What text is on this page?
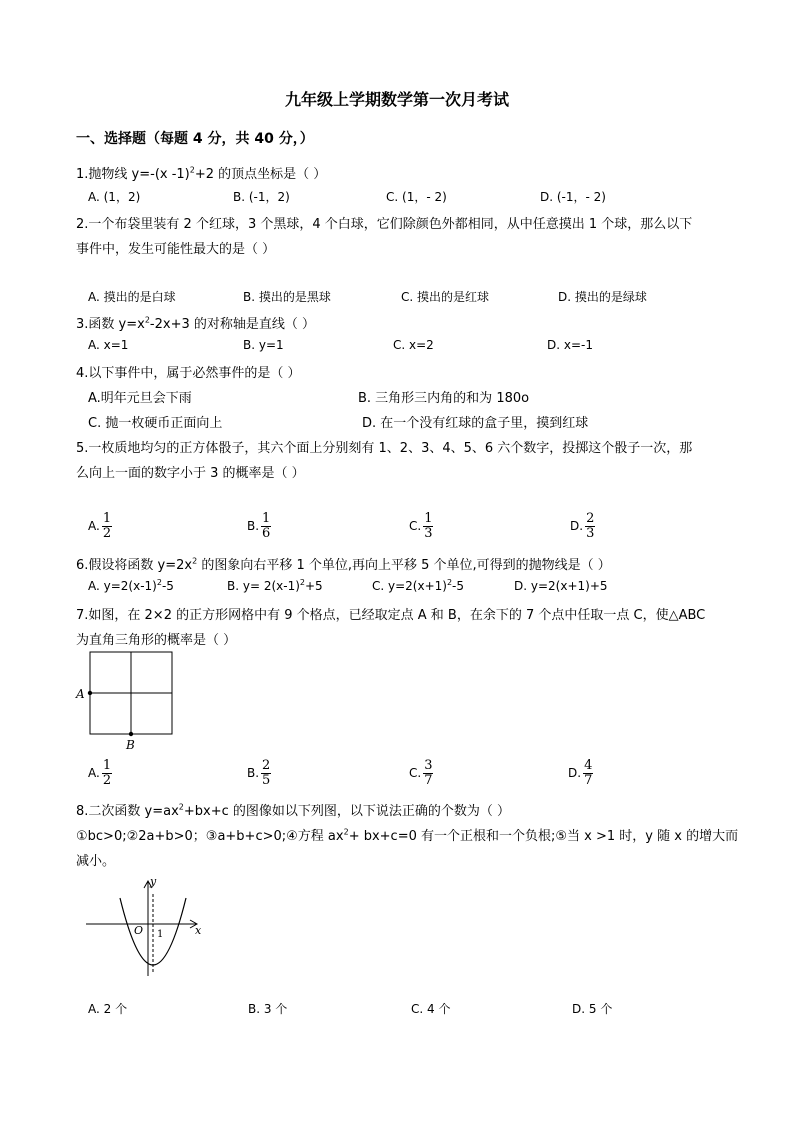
九年级上学期数学第一次月考试
一、选择题（每题 4 分，共 40 分，）
1.抛物线 y=-(x -1)$^2$+2 的顶点坐标是（ ）
A. (1，2)	B. (-1，2)	C. (1，- 2)	D. (-1，- 2)
2.一个布袋里装有 2 个红球，3 个黑球，4 个白球，它们除颜色外都相同，从中任意摸出 1 个球，那么以下
事件中，发生可能性最大的是（ ）
A. 摸出的是白球	B. 摸出的是黑球	C. 摸出的是红球	D. 摸出的是绿球
3.函数 $y=x^2-2x+3$ 的对称轴是直线（ ）
A. x=1	B. y=1	C. x=2	D. x=-1
4.以下事件中，属于必然事件的是（ ）
A.明年元旦会下雨	B. 三角形三内角的和为 180o
C. 抛一枚硬币正面向上	D. 在一个没有红球的盒子里，摸到红球
5.一枚质地均匀的正方体骰子，其六个面上分别刻有 1、2、3、4、5、6 六个数字，投掷这个骰子一次，那
么向上一面的数字小于 3 的概率是（ ）
A. $\frac{1}{2}$	B. $\frac{1}{6}$	C. $\frac{1}{3}$	D. $\frac{2}{3}$
6.假设将函数 $y=2x^2$ 的图象向右平移 1 个单位,再向上平移 5 个单位,可得到的抛物线是（ ）
A. $y=2(x-1)^2-5$	B. $y= 2(x-1)^2+5$	C. $y=2(x+1)^2-5$	D. y=2(x+1)+5
7.如图，在 2×2 的正方形网格中有 9 个格点，已经取定点 A 和 B，在余下的 7 个点中任取一点 C，使△ABC
为直角三角形的概率是（ ）
A
B
A. $\frac{1}{2}$	B. $\frac{2}{5}$	C. $\frac{3}{7}$	D. $\frac{4}{7}$
8.二次函数 $y=ax^2+bx+c$ 的图像如以下列图，以下说法正确的个数为（ ）
①bc>0;②2a+b>0；③a+b+c>0;④方程 $ax^2+ bx+c=0$ 有一个正根和一个负根;⑤当 x >1 时，y 随 x 的增大而
减小。
y
x
O 1
A. 2 个	B. 3 个	C. 4 个	D. 5 个
